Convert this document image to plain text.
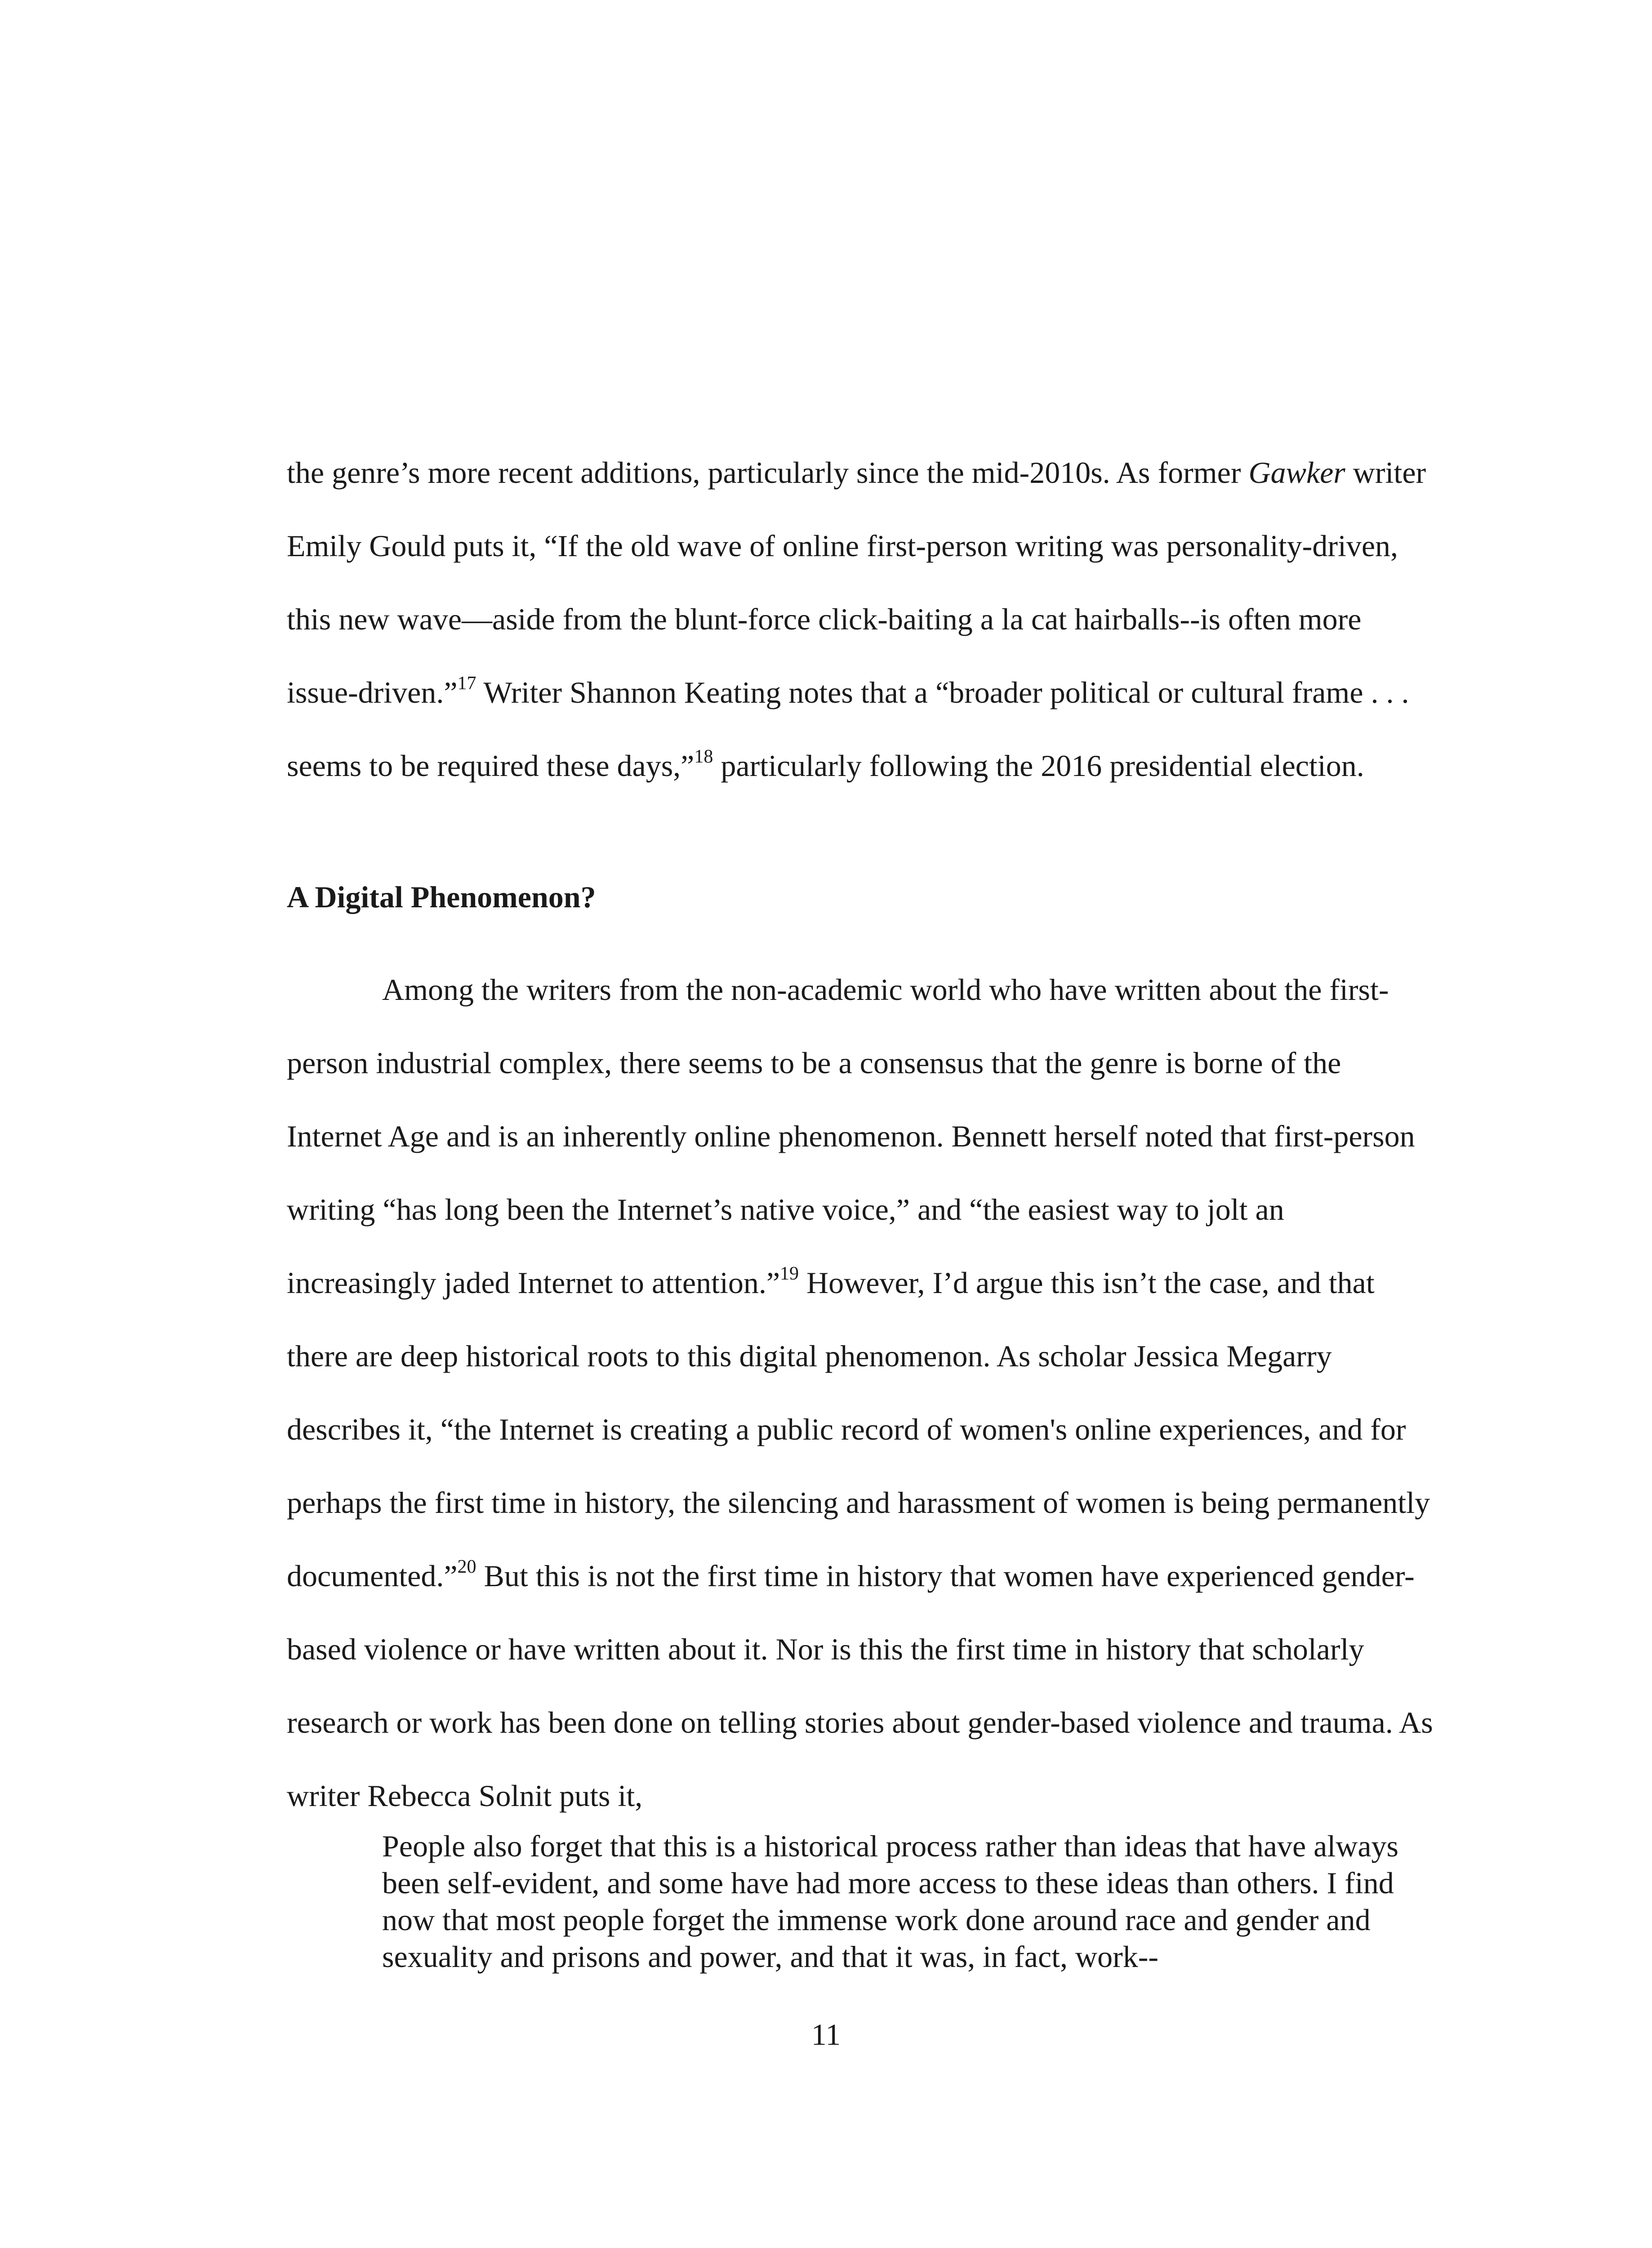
the genre’s more recent additions, particularly since the mid-2010s. As former Gawker writer Emily Gould puts it, “If the old wave of online first-person writing was personality-driven, this new wave—aside from the blunt-force click-baiting a la cat hairballs--is often more issue-driven.”$^{17}$ Writer Shannon Keating notes that a “broader political or cultural frame . . . seems to be required these days,”$^{18}$ particularly following the 2016 presidential election.

A Digital Phenomenon?

Among the writers from the non-academic world who have written about the first-person industrial complex, there seems to be a consensus that the genre is borne of the Internet Age and is an inherently online phenomenon. Bennett herself noted that first-person writing “has long been the Internet’s native voice,” and “the easiest way to jolt an increasingly jaded Internet to attention.”$^{19}$ However, I’d argue this isn’t the case, and that there are deep historical roots to this digital phenomenon. As scholar Jessica Megarry describes it, “the Internet is creating a public record of women's online experiences, and for perhaps the first time in history, the silencing and harassment of women is being permanently documented.”$^{20}$ But this is not the first time in history that women have experienced gender-based violence or have written about it. Nor is this the first time in history that scholarly research or work has been done on telling stories about gender-based violence and trauma. As writer Rebecca Solnit puts it,

People also forget that this is a historical process rather than ideas that have always been self-evident, and some have had more access to these ideas than others. I find now that most people forget the immense work done around race and gender and sexuality and prisons and power, and that it was, in fact, work--

11
